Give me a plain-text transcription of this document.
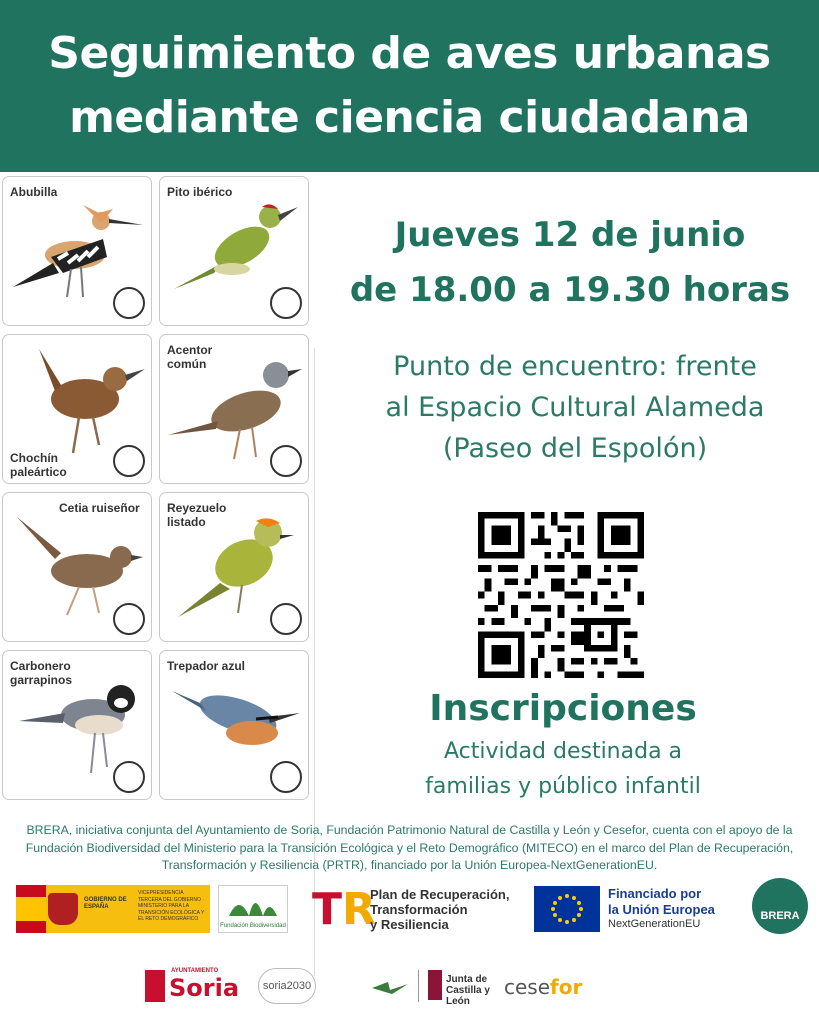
Seguimiento de aves urbanas
mediante ciencia ciudadana
Abubilla	Pito ibérico
Chochín paleártico
Acentor común
Cetia ruiseñor Reyezuelo listado
Carbonero garrapinos
Trepador azul
Jueves 12 de junio
de 18.00 a 19.30 horas
Punto de encuentro: frente
al Espacio Cultural Alameda
(Paseo del Espolón)
Inscripciones
Actividad destinada a
familias y público infantil
BRERA, iniciativa conjunta del Ayuntamiento de Soria, Fundación Patrimonio Natural de Castilla y León y Cesefor, cuenta con el apoyo de la Fundación Biodiversidad del Ministerio para la Transición Ecológica y el Reto Demográfico (MITECO) en el marco del Plan de Recuperación, Transformación y Resiliencia (PRTR), financiado por la Unión Europea-NextGenerationEU.
GOBIERNO DE ESPAÑA
VICEPRESIDENCIA TERCERA DEL GOBIERNO · MINISTERIO PARA LA TRANSICIÓN ECOLÓGICA Y EL RETO DEMOGRÁFICO
Fundación Biodiversidad TR
Plan de Recuperación,
Transformación
y Resiliencia
Financiado por
la Unión Europea
NextGenerationEU
BRERA
AYUNTAMIENTO
Soria	soria2030
Junta de
Castilla y León
cesefor
